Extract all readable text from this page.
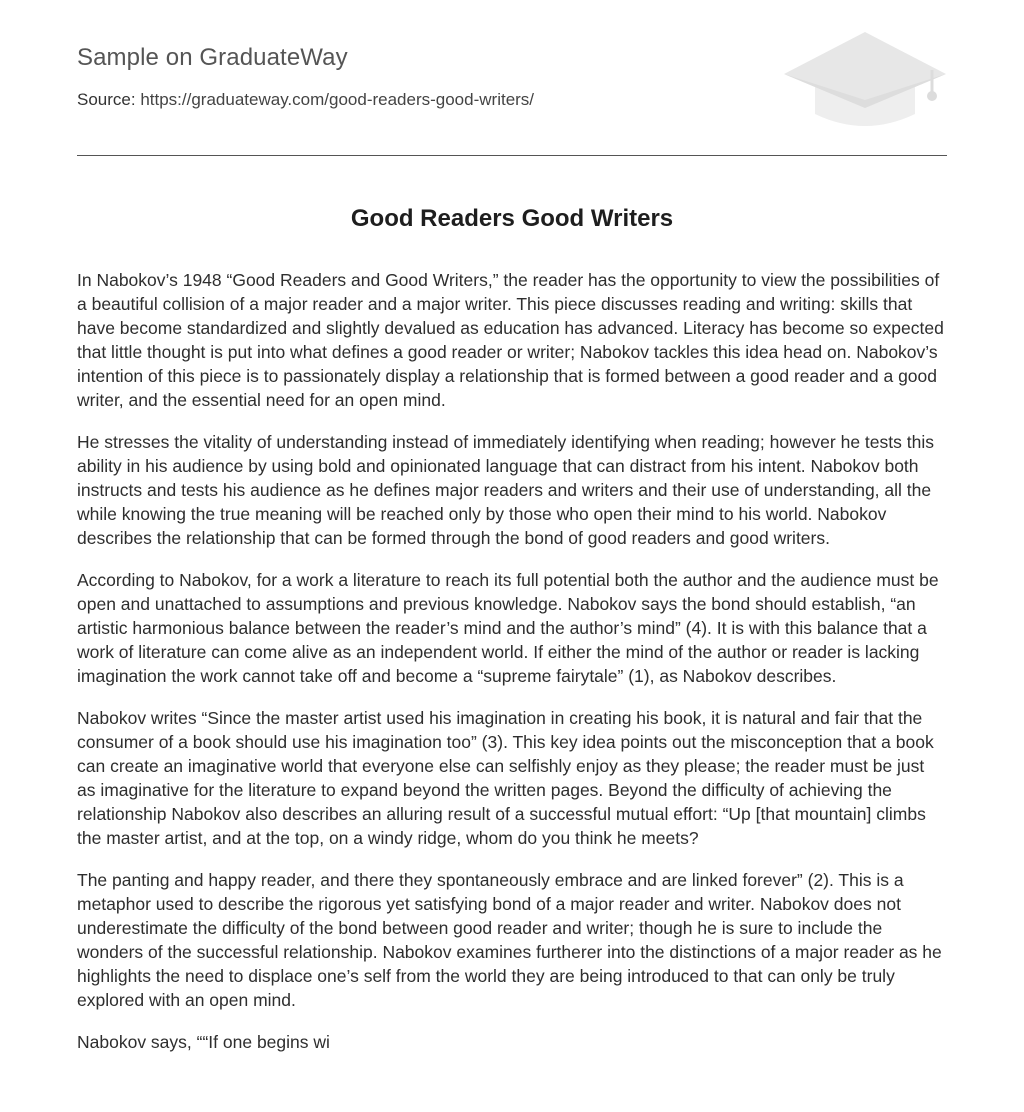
Sample on GraduateWay
Source: https://graduateway.com/good-readers-good-writers/
Good Readers Good Writers

In Nabokov’s 1948 “Good Readers and Good Writers,” the reader has the opportunity to view the possibilities of a beautiful collision of a major reader and a major writer. This piece discusses reading and writing: skills that have become standardized and slightly devalued as education has advanced. Literacy has become so expected that little thought is put into what defines a good reader or writer; Nabokov tackles this idea head on. Nabokov’s intention of this piece is to passionately display a relationship that is formed between a good reader and a good writer, and the essential need for an open mind.

He stresses the vitality of understanding instead of immediately identifying when reading; however he tests this ability in his audience by using bold and opinionated language that can distract from his intent. Nabokov both instructs and tests his audience as he defines major readers and writers and their use of understanding, all the while knowing the true meaning will be reached only by those who open their mind to his world. Nabokov describes the relationship that can be formed through the bond of good readers and good writers.

According to Nabokov, for a work a literature to reach its full potential both the author and the audience must be open and unattached to assumptions and previous knowledge. Nabokov says the bond should establish, “an artistic harmonious balance between the reader’s mind and the author’s mind” (4). It is with this balance that a work of literature can come alive as an independent world. If either the mind of the author or reader is lacking imagination the work cannot take off and become a “supreme fairytale” (1), as Nabokov describes.

Nabokov writes “Since the master artist used his imagination in creating his book, it is natural and fair that the consumer of a book should use his imagination too” (3). This key idea points out the misconception that a book can create an imaginative world that everyone else can selfishly enjoy as they please; the reader must be just as imaginative for the literature to expand beyond the written pages. Beyond the difficulty of achieving the relationship Nabokov also describes an alluring result of a successful mutual effort: “Up [that mountain] climbs the master artist, and at the top, on a windy ridge, whom do you think he meets?

The panting and happy reader, and there they spontaneously embrace and are linked forever” (2). This is a metaphor used to describe the rigorous yet satisfying bond of a major reader and writer. Nabokov does not underestimate the difficulty of the bond between good reader and writer; though he is sure to include the wonders of the successful relationship. Nabokov examines furtherer into the distinctions of a major reader as he highlights the need to displace one’s self from the world they are being introduced to that can only be truly explored with an open mind.

Nabokov says, ““If one begins wi
